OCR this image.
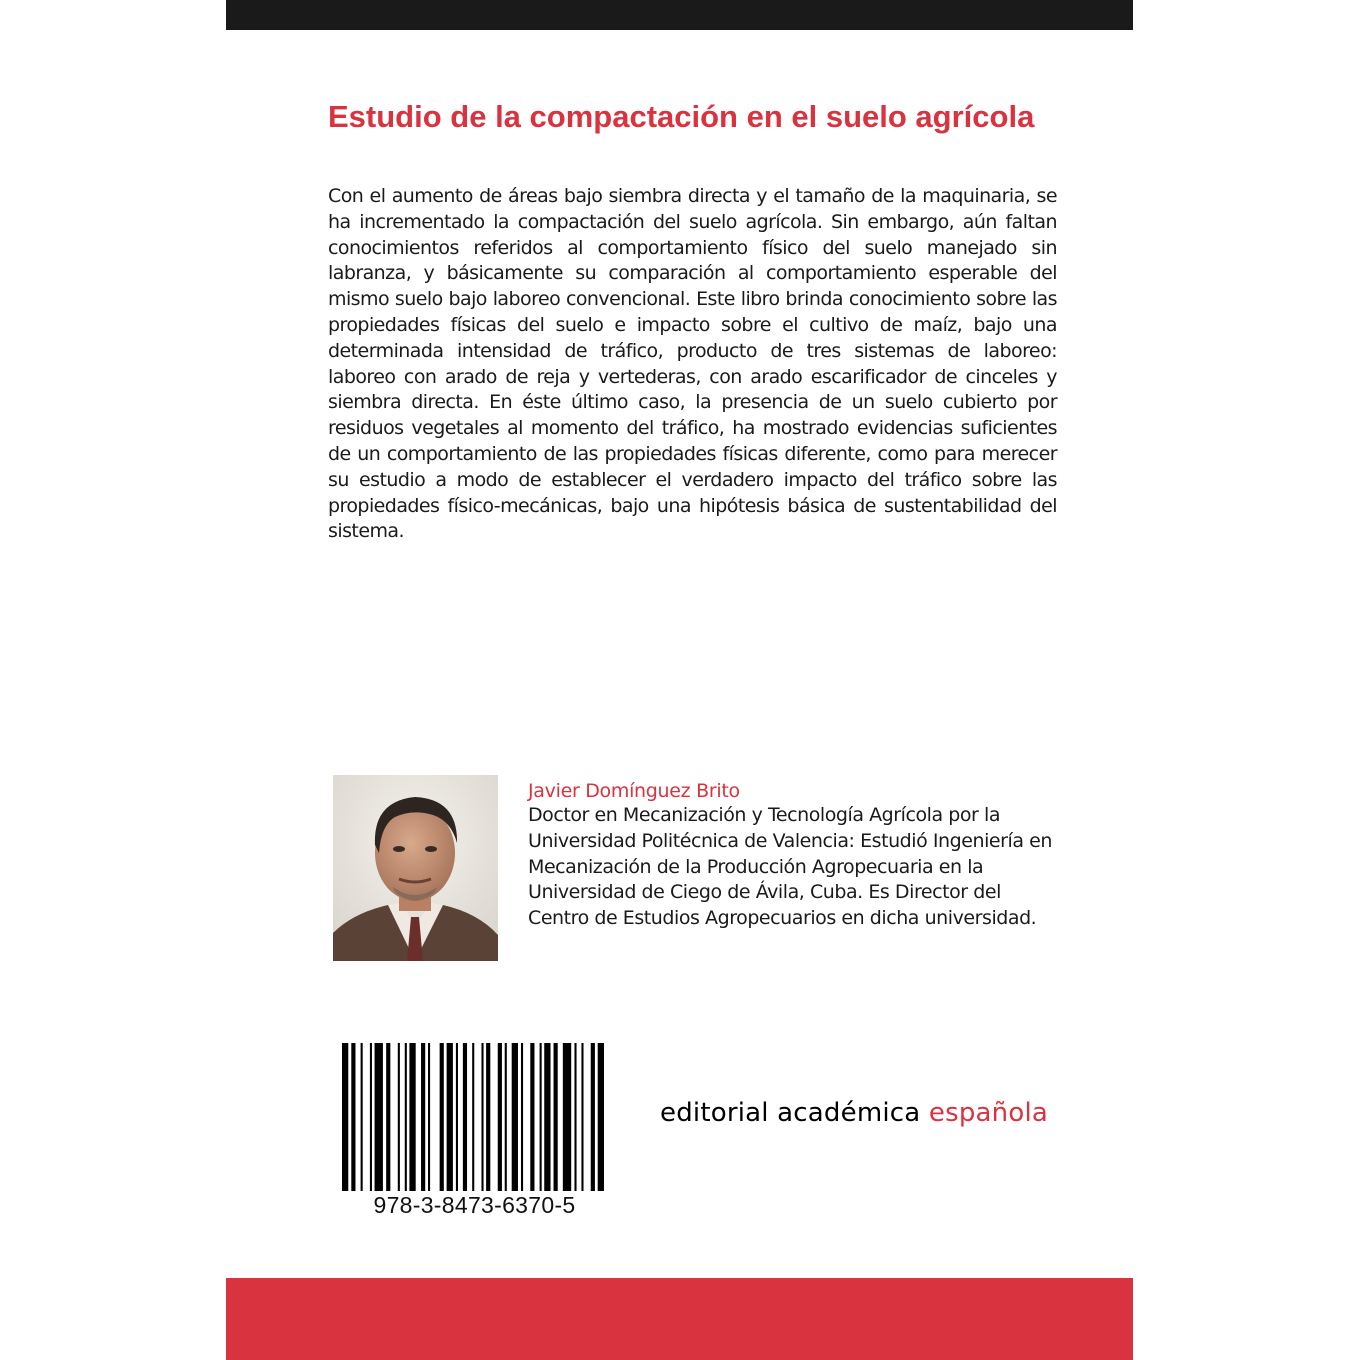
Estudio de la compactación en el suelo agrícola

Con el aumento de áreas bajo siembra directa y el tamaño de la maquinaria, se ha incrementado la compactación del suelo agrícola. Sin embargo, aún faltan conocimientos referidos al comportamiento físico del suelo manejado sin labranza, y básicamente su comparación al comportamiento esperable del mismo suelo bajo laboreo convencional. Este libro brinda conocimiento sobre las propiedades físicas del suelo e impacto sobre el cultivo de maíz, bajo una determinada intensidad de tráfico, producto de tres sistemas de laboreo: laboreo con arado de reja y vertederas, con arado escarificador de cinceles y siembra directa. En éste último caso, la presencia de un suelo cubierto por residuos vegetales al momento del tráfico, ha mostrado evidencias suficientes de un comportamiento de las propiedades físicas diferente, como para merecer su estudio a modo de establecer el verdadero impacto del tráfico sobre las propiedades físico-mecánicas, bajo una hipótesis básica de sustentabilidad del sistema.

Javier Domínguez Brito

Doctor en Mecanización y Tecnología Agrícola por la Universidad Politécnica de Valencia: Estudió Ingeniería en Mecanización de la Producción Agropecuaria en la Universidad de Ciego de Ávila, Cuba. Es Director del Centro de Estudios Agropecuarios en dicha universidad.

978-3-8473-6370-5

editorial académica española
